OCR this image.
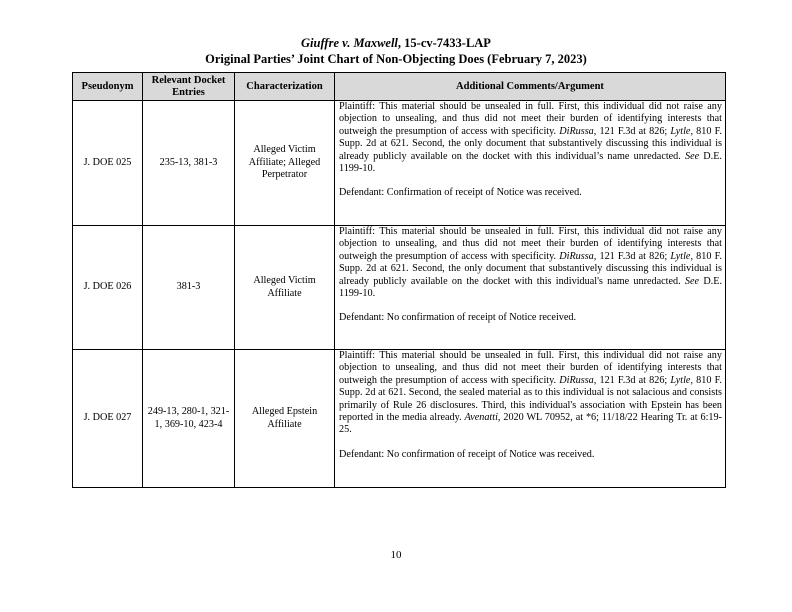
Giuffre v. Maxwell, 15-cv-7433-LAP
Original Parties’ Joint Chart of Non-Objecting Does (February 7, 2023)
Pseudonym	Relevant Docket Entries	Characterization	Additional Comments/Argument
J. DOE 025	235-13, 381-3	Alleged Victim Affiliate; Alleged Perpetrator	Plaintiff: This material should be unsealed in full. First, this individual did not raise any objection to unsealing, and thus did not meet their burden of identifying interests that outweigh the presumption of access with specificity. DiRussa, 121 F.3d at 826; Lytle, 810 F. Supp. 2d at 621. Second, the only document that substantively discussing this individual is already publicly available on the docket with this individual’s name unredacted. See D.E. 1199-10.
Defendant: Confirmation of receipt of Notice was received.

J. DOE 026	381-3	Alleged Victim Affiliate	Plaintiff: This material should be unsealed in full. First, this individual did not raise any objection to unsealing, and thus did not meet their burden of identifying interests that outweigh the presumption of access with specificity. DiRussa, 121 F.3d at 826; Lytle, 810 F. Supp. 2d at 621. Second, the only document that substantively discussing this individual is already publicly available on the docket with this individual's name unredacted. See D.E. 1199-10.
Defendant: No confirmation of receipt of Notice received.

J. DOE 027	249-13, 280-1, 321-1, 369-10, 423-4	Alleged Epstein Affiliate	Plaintiff: This material should be unsealed in full. First, this individual did not raise any objection to unsealing, and thus did not meet their burden of identifying interests that outweigh the presumption of access with specificity. DiRussa, 121 F.3d at 826; Lytle, 810 F. Supp. 2d at 621. Second, the sealed material as to this individual is not salacious and consists primarily of Rule 26 disclosures. Third, this individual's association with Epstein has been reported in the media already. Avenatti, 2020 WL 70952, at *6; 11/18/22 Hearing Tr. at 6:19-25.
Defendant: No confirmation of receipt of Notice was received.
10
